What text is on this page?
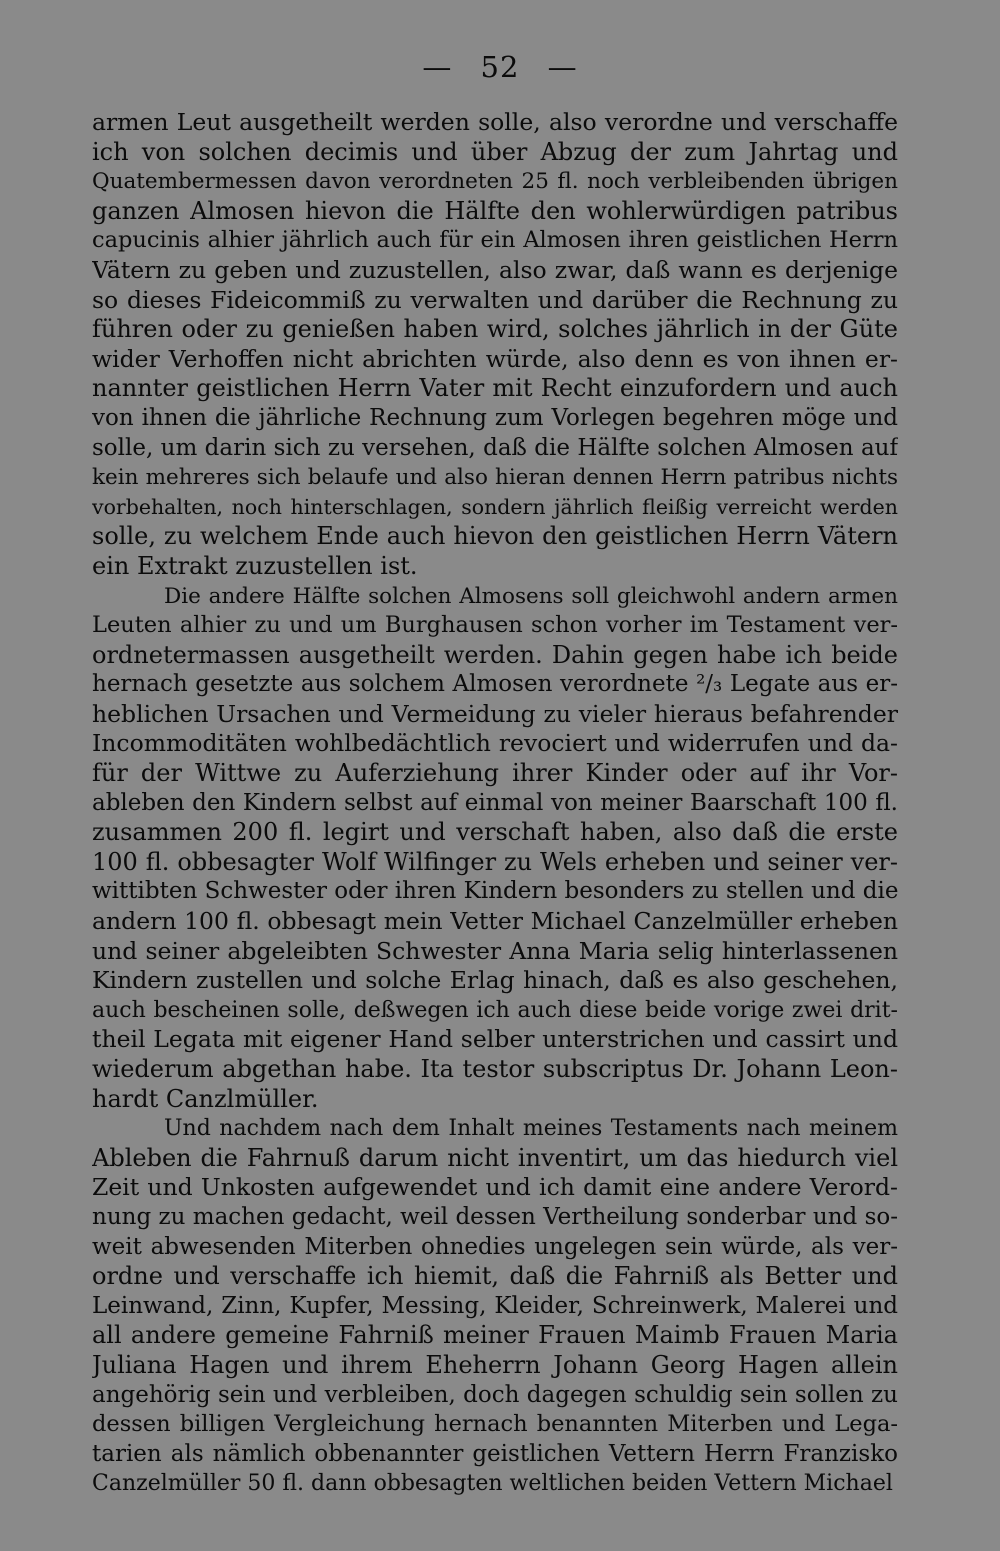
— 52 —
armen Leut ausgetheilt werden solle, also verordne und verschaffe
ich von solchen decimis und über Abzug der zum Jahrtag und
Quatembermessen davon verordneten 25 fl. noch verbleibenden übrigen
ganzen Almosen hievon die Hälfte den wohlerwürdigen patribus
capucinis alhier jährlich auch für ein Almosen ihren geistlichen Herrn
Vätern zu geben und zuzustellen, also zwar, daß wann es derjenige
so dieses Fideicommiß zu verwalten und darüber die Rechnung zu
führen oder zu genießen haben wird, solches jährlich in der Güte
wider Verhoffen nicht abrichten würde, also denn es von ihnen er-
nannter geistlichen Herrn Vater mit Recht einzufordern und auch
von ihnen die jährliche Rechnung zum Vorlegen begehren möge und
solle, um darin sich zu versehen, daß die Hälfte solchen Almosen auf
kein mehreres sich belaufe und also hieran dennen Herrn patribus nichts
vorbehalten, noch hinterschlagen, sondern jährlich fleißig verreicht werden
solle, zu welchem Ende auch hievon den geistlichen Herrn Vätern
ein Extrakt zuzustellen ist.
Die andere Hälfte solchen Almosens soll gleichwohl andern armen
Leuten alhier zu und um Burghausen schon vorher im Testament ver-
ordnetermassen ausgetheilt werden. Dahin gegen habe ich beide
hernach gesetzte aus solchem Almosen verordnete ²/₃ Legate aus er-
heblichen Ursachen und Vermeidung zu vieler hieraus befahrender
Incommoditäten wohlbedächtlich revociert und widerrufen und da-
für der Wittwe zu Auferziehung ihrer Kinder oder auf ihr Vor-
ableben den Kindern selbst auf einmal von meiner Baarschaft 100 fl.
zusammen 200 fl. legirt und verschaft haben, also daß die erste
100 fl. obbesagter Wolf Wilfinger zu Wels erheben und seiner ver-
wittibten Schwester oder ihren Kindern besonders zu stellen und die
andern 100 fl. obbesagt mein Vetter Michael Canzelmüller erheben
und seiner abgeleibten Schwester Anna Maria selig hinterlassenen
Kindern zustellen und solche Erlag hinach, daß es also geschehen,
auch bescheinen solle, deßwegen ich auch diese beide vorige zwei drit-
theil Legata mit eigener Hand selber unterstrichen und cassirt und
wiederum abgethan habe. Ita testor subscriptus Dr. Johann Leon-
hardt Canzlmüller.
Und nachdem nach dem Inhalt meines Testaments nach meinem
Ableben die Fahrnuß darum nicht inventirt, um das hiedurch viel
Zeit und Unkosten aufgewendet und ich damit eine andere Verord-
nung zu machen gedacht, weil dessen Vertheilung sonderbar und so-
weit abwesenden Miterben ohnedies ungelegen sein würde, als ver-
ordne und verschaffe ich hiemit, daß die Fahrniß als Better und
Leinwand, Zinn, Kupfer, Messing, Kleider, Schreinwerk, Malerei und
all andere gemeine Fahrniß meiner Frauen Maimb Frauen Maria
Juliana Hagen und ihrem Eheherrn Johann Georg Hagen allein
angehörig sein und verbleiben, doch dagegen schuldig sein sollen zu
dessen billigen Vergleichung hernach benannten Miterben und Lega-
tarien als nämlich obbenannter geistlichen Vettern Herrn Franzisko
Canzelmüller 50 fl. dann obbesagten weltlichen beiden Vettern Michael
